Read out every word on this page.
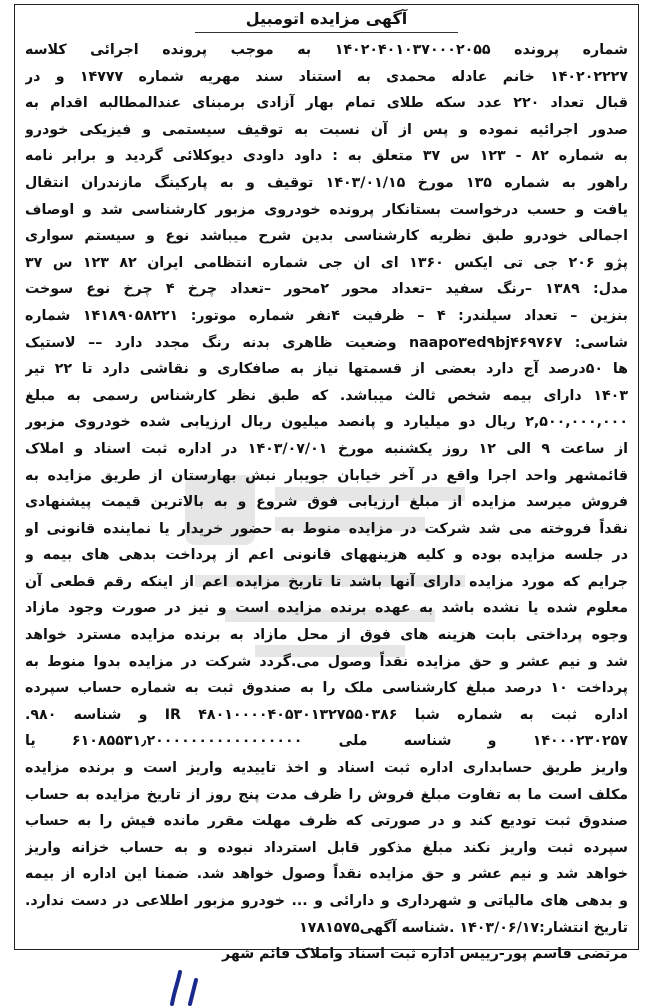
آگهی مزایده اتومبیل
شماره پرونده ۱۴۰۲۰۴۰۱۰۳۷۰۰۰۲۰۵۵ به موجب پرونده اجرائی کلاسه
۱۴۰۲۰۲۲۲۷ خانم عادله محمدی به استناد سند مهریه شماره ۱۴۷۷۷ و در
قبال تعداد ۲۲۰ عدد سکه طلای تمام بهار آزادی برمبنای عندالمطالبه اقدام به
صدور اجرائیه نموده و پس از آن نسبت به توقیف سیستمی و فیزیکی خودرو
به شماره ۸۲ - ۱۲۳ س ۳۷ متعلق به : داود داودی دیوکلائی گردید و برابر نامه
راهور به شماره ۱۳۵ مورخ ۱۴۰۳/۰۱/۱۵ توقیف و به پارکینگ مازندران انتقال
یافت و حسب درخواست بستانکار پرونده خودروی مزبور کارشناسی شد و اوصاف
اجمالی خودرو طبق نظریه کارشناسی بدین شرح میباشد نوع و سیستم سواری
پژو ۲۰۶ جی تی ایکس ۱۳۶۰ ای ان جی شماره انتظامی ایران ۸۲ ۱۲۳ س ۳۷
مدل: ۱۳۸۹ –رنگ سفید –تعداد محور ۲محور –تعداد چرخ ۴ چرخ نوع سوخت
بنزین – تعداد سیلندر: ۴ – ظرفیت ۴نفر شماره موتور: ۱۴۱۸۹۰۵۸۲۲۱ شماره
شاسی: naapo۳ed۹bj۴۶۹۷۶۷ وضعیت ظاهری بدنه رنگ مجدد دارد –– لاستیک
ها ۵۰درصد آج دارد بعضی از قسمتها نیاز به صافکاری و نقاشی دارد تا ۲۲ تیر
۱۴۰۳ دارای بیمه شخص ثالث میباشد. که طبق نظر کارشناس رسمی به مبلغ
۲,۵۰۰,۰۰۰,۰۰۰ ریال دو میلیارد و پانصد میلیون ریال ارزیابی شده خودروی مزبور
از ساعت ۹ الی ۱۲ روز یکشنبه مورخ ۱۴۰۳/۰۷/۰۱ در اداره ثبت اسناد و املاک
قائمشهر واحد اجرا واقع در آخر خیابان جویبار نبش بهارستان از طریق مزایده به
فروش میرسد مزایده از مبلغ ارزیابی فوق شروع و به بالاترین قیمت پیشنهادی
نقداً فروخته می شد شرکت در مزایده منوط به حضور خریدار یا نماینده قانونی او
در جلسه مزایده بوده و کلیه هزینههای قانونی اعم از پرداخت بدهی های بیمه و
جرایم که مورد مزایده دارای آنها باشد تا تاریخ مزایده اعم از اینکه رقم قطعی آن
معلوم شده یا نشده باشد به عهده برنده مزایده است و نیز در صورت وجود مازاد
وجوه پرداختی بابت هزینه های فوق از محل مازاد به برنده مزایده مسترد خواهد
شد و نیم عشر و حق مزایده نقداً وصول می.گردد شرکت در مزایده بدوا منوط به
پرداخت ۱۰ درصد مبلغ کارشناسی ملک را به صندوق ثبت به شماره حساب سپرده
اداره ثبت به شماره شبا IR ۴۸۰۱۰۰۰۰۴۰۵۳۰۱۳۲۷۵۵۰۳۸۶ و شناسه ۹۸۰.
۱۴۰۰۰۲۳۰۲۵۷ و شناسه ملی ۶۱۰۸۵۵۳۱٫۲۰۰۰۰۰۰۰۰۰۰۰۰۰۰۰۰۰ یا
واریز طریق حسابداری اداره ثبت اسناد و اخذ تاییدیه واریز است و برنده مزایده
مکلف است ما به تفاوت مبلغ فروش را ظرف مدت پنج روز از تاریخ مزایده به حساب
صندوق ثبت تودیع کند و در صورتی که ظرف مهلت مقرر مانده فیش را به حساب
سپرده ثبت واریز نکند مبلغ مذکور قابل استرداد نبوده و به حساب خزانه واریز
خواهد شد و نیم عشر و حق مزایده نقداً وصول خواهد شد. ضمنا این اداره از بیمه
و بدهی های مالیاتی و شهرداری و دارائی و ... خودرو مزبور اطلاعی در دست ندارد.
تاریخ انتشار:۱۴۰۳/۰۶/۱۷ .شناسه آگهی۱۷۸۱۵۷۵
مرتضی قاسم پور-رییس اداره ثبت اسناد واملاک قائم شهر
